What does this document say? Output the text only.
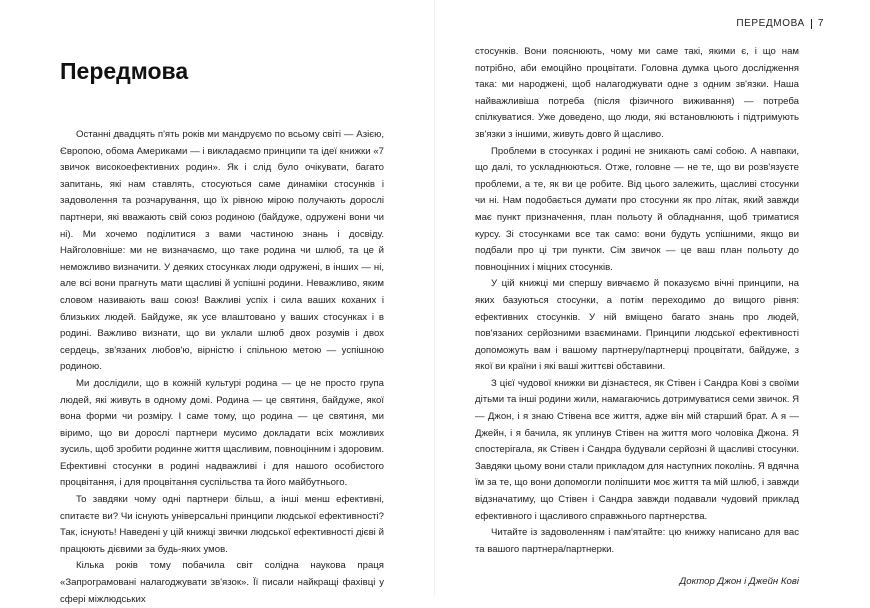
Передмова

Останні двадцять п'ять років ми мандруємо по всьому світі — Азією, Європою, обома Америками — і викладаємо принципи та ідеї книжки «7 звичок високоефективних родин». Як і слід було очікувати, багато запитань, які нам ставлять, стосуються саме динаміки стосунків і задоволення та розчарування, що їх рівною мірою получають дорослі партнери, які вважають свій союз родиною (байдуже, одружені вони чи ні). Ми хочемо поділитися з вами частиною знань і досвіду. Найголовніше: ми не визначаємо, що таке родина чи шлюб, та це й неможливо визначити. У деяких стосунках люди одружені, в інших — ні, але всі вони прагнуть мати щасливі й успішні родини. Неважливо, яким словом називають ваш союз! Важливі успіх і сила ваших коханих і близьких людей. Байдуже, як усе влаштовано у ваших стосунках і в родині. Важливо визнати, що ви уклали шлюб двох розумів і двох сердець, зв'язаних любов'ю, вірністю і спільною метою — успішною родиною.

Ми дослідили, що в кожній культурі родина — це не просто група людей, які живуть в одному домі. Родина — це святиня, байдуже, якої вона форми чи розміру. І саме тому, що родина — це святиня, ми віримо, що ви дорослі партнери мусимо докладати всіх можливих зусиль, щоб зробити родинне життя щасливим, повноцінним і здоровим. Ефективні стосунки в родині надважливі і для нашого особистого процвітання, і для процвітання суспільства та його майбутнього.

То завдяки чому одні партнери більш, а інші менш ефективні, спитаєте ви? Чи існують універсальні принципи людської ефективності? Так, існують! Наведені у цій книжці звички людської ефективності дієві й працюють дієвими за будь-яких умов.

Кілька років тому побачила світ солідна наукова праця «Запрограмовані налагоджувати зв'язок». Її писали найкращі фахівці у сфері міжлюдських

ПЕРЕДМОВА 7

стосунків. Вони пояснюють, чому ми саме такі, якими є, і що нам потрібно, аби емоційно процвітати. Головна думка цього дослідження така: ми народжені, щоб налагоджувати одне з одним зв'язки. Наша найважливіша потреба (після фізичного виживання) — потреба спілкуватися. Уже доведено, що люди, які встановлюють і підтримують зв'язки з іншими, живуть довго й щасливо.

Проблеми в стосунках і родині не зникають самі собою. А навпаки, що далі, то ускладнюються. Отже, головне — не те, що ви розв'язуєте проблеми, а те, як ви це робите. Від цього залежить, щасливі стосунки чи ні. Нам подобається думати про стосунки як про літак, який завжди має пункт призначення, план польоту й обладнання, щоб триматися курсу. Зі стосунками все так само: вони будуть успішними, якщо ви подбали про ці три пункти. Сім звичок — це ваш план польоту до повноцінних і міцних стосунків.

У цій книжці ми спершу вивчаємо й показуємо вічні принципи, на яких базуються стосунки, а потім переходимо до вищого рівня: ефективних стосунків. У ній вміщено багато знань про людей, пов'язаних серйозними взаєминами. Принципи людської ефективності допоможуть вам і вашому партнеру/партнерці процвітати, байдуже, з якої ви країни і які ваші життєві обставини.

З цієї чудової книжки ви дізнаєтеся, як Стівен і Сандра Кові з своїми дітьми та інші родини жили, намагаючись дотримуватися семи звичок. Я — Джон, і я знаю Стівена все життя, адже він мій старший брат. А я — Джейн, і я бачила, як уплинув Стівен на життя мого чоловіка Джона. Я спостерігала, як Стівен і Сандра будували серйозні й щасливі стосунки. Завдяки цьому вони стали прикладом для наступних поколінь. Я вдячна їм за те, що вони допомогли поліпшити моє життя та мій шлюб, і завжди відзначатиму, що Стівен і Сандра завжди подавали чудовий приклад ефективного і щасливого справжнього партнерства.

Читайте із задоволенням і пам'ятайте: цю книжку написано для вас та вашого партнера/партнерки.

Доктор Джон і Джейн Кові
